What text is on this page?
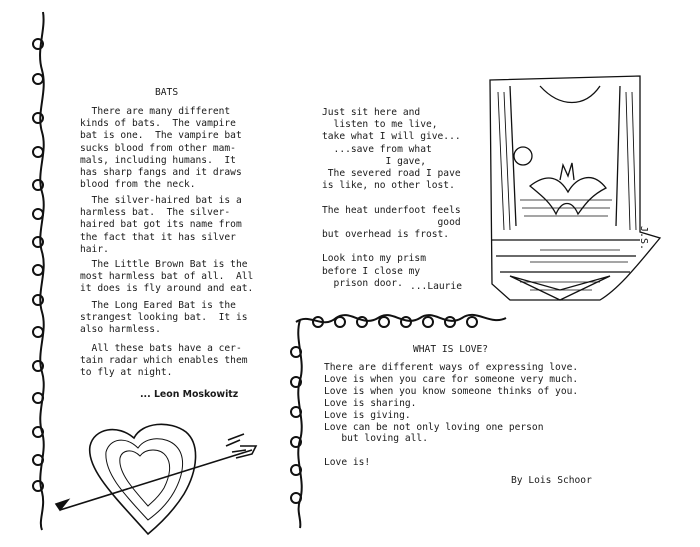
J.S.
BATS
There are many different
kinds of bats.  The vampire
bat is one.  The vampire bat
sucks blood from other mam-
mals, including humans.  It
has sharp fangs and it draws
blood from the neck.
The silver-haired bat is a
harmless bat.  The silver-
haired bat got its name from
the fact that it has silver
hair.
The Little Brown Bat is the
most harmless bat of all.  All
it does is fly around and eat.
The Long Eared Bat is the
strangest looking bat.  It is
also harmless.
All these bats have a cer-
tain radar which enables them
to fly at night.
... Leon Moskowitz
Just sit here and
listen to me live,
take what I will give...
...save from what
I gave,
The severed road I pave
is like, no other lost.

The heat underfoot feels
good
but overhead is frost.

Look into my prism
before I close my
prison door. ...Laurie
WHAT IS LOVE?
There are different ways of expressing love.
Love is when you care for someone very much.
Love is when you know someone thinks of you.
Love is sharing.
Love is giving.
Love can be not only loving one person
but loving all.

Love is!
By Lois Schoor
